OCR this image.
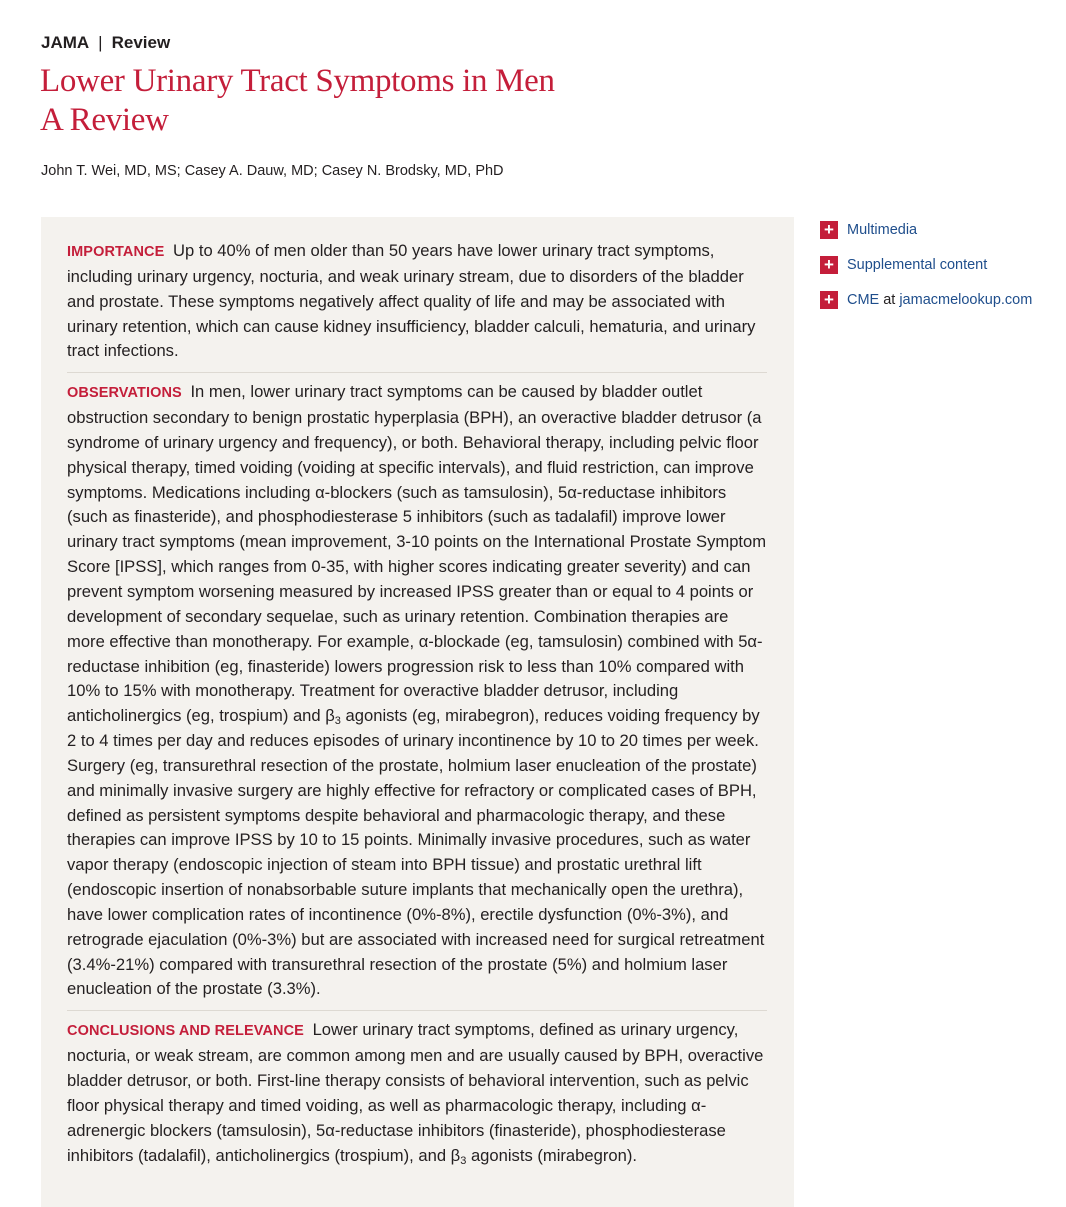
JAMA | Review
Lower Urinary Tract Symptoms in Men
A Review
John T. Wei, MD, MS; Casey A. Dauw, MD; Casey N. Brodsky, MD, PhD

IMPORTANCE Up to 40% of men older than 50 years have lower urinary tract symptoms, including urinary urgency, nocturia, and weak urinary stream, due to disorders of the bladder and prostate. These symptoms negatively affect quality of life and may be associated with urinary retention, which can cause kidney insufficiency, bladder calculi, hematuria, and urinary tract infections.

OBSERVATIONS In men, lower urinary tract symptoms can be caused by bladder outlet obstruction secondary to benign prostatic hyperplasia (BPH), an overactive bladder detrusor (a syndrome of urinary urgency and frequency), or both. Behavioral therapy, including pelvic floor physical therapy, timed voiding (voiding at specific intervals), and fluid restriction, can improve symptoms. Medications including α-blockers (such as tamsulosin), 5α-reductase inhibitors (such as finasteride), and phosphodiesterase 5 inhibitors (such as tadalafil) improve lower urinary tract symptoms (mean improvement, 3-10 points on the International Prostate Symptom Score [IPSS], which ranges from 0-35, with higher scores indicating greater severity) and can prevent symptom worsening measured by increased IPSS greater than or equal to 4 points or development of secondary sequelae, such as urinary retention. Combination therapies are more effective than monotherapy. For example, α-blockade (eg, tamsulosin) combined with 5α-reductase inhibition (eg, finasteride) lowers progression risk to less than 10% compared with 10% to 15% with monotherapy. Treatment for overactive bladder detrusor, including anticholinergics (eg, trospium) and $\beta_3$ agonists (eg, mirabegron), reduces voiding frequency by 2 to 4 times per day and reduces episodes of urinary incontinence by 10 to 20 times per week. Surgery (eg, transurethral resection of the prostate, holmium laser enucleation of the prostate) and minimally invasive surgery are highly effective for refractory or complicated cases of BPH, defined as persistent symptoms despite behavioral and pharmacologic therapy, and these therapies can improve IPSS by 10 to 15 points. Minimally invasive procedures, such as water vapor therapy (endoscopic injection of steam into BPH tissue) and prostatic urethral lift (endoscopic insertion of nonabsorbable suture implants that mechanically open the urethra), have lower complication rates of incontinence (0%-8%), erectile dysfunction (0%-3%), and retrograde ejaculation (0%-3%) but are associated with increased need for surgical retreatment (3.4%-21%) compared with transurethral resection of the prostate (5%) and holmium laser enucleation of the prostate (3.3%).

CONCLUSIONS AND RELEVANCE Lower urinary tract symptoms, defined as urinary urgency, nocturia, or weak stream, are common among men and are usually caused by BPH, overactive bladder detrusor, or both. First-line therapy consists of behavioral intervention, such as pelvic floor physical therapy and timed voiding, as well as pharmacologic therapy, including α-adrenergic blockers (tamsulosin), 5α-reductase inhibitors (finasteride), phosphodiesterase inhibitors (tadalafil), anticholinergics (trospium), and $\beta_3$ agonists (mirabegron).

+ Multimedia
+ Supplemental content
+ CME at jamacmelookup.com
